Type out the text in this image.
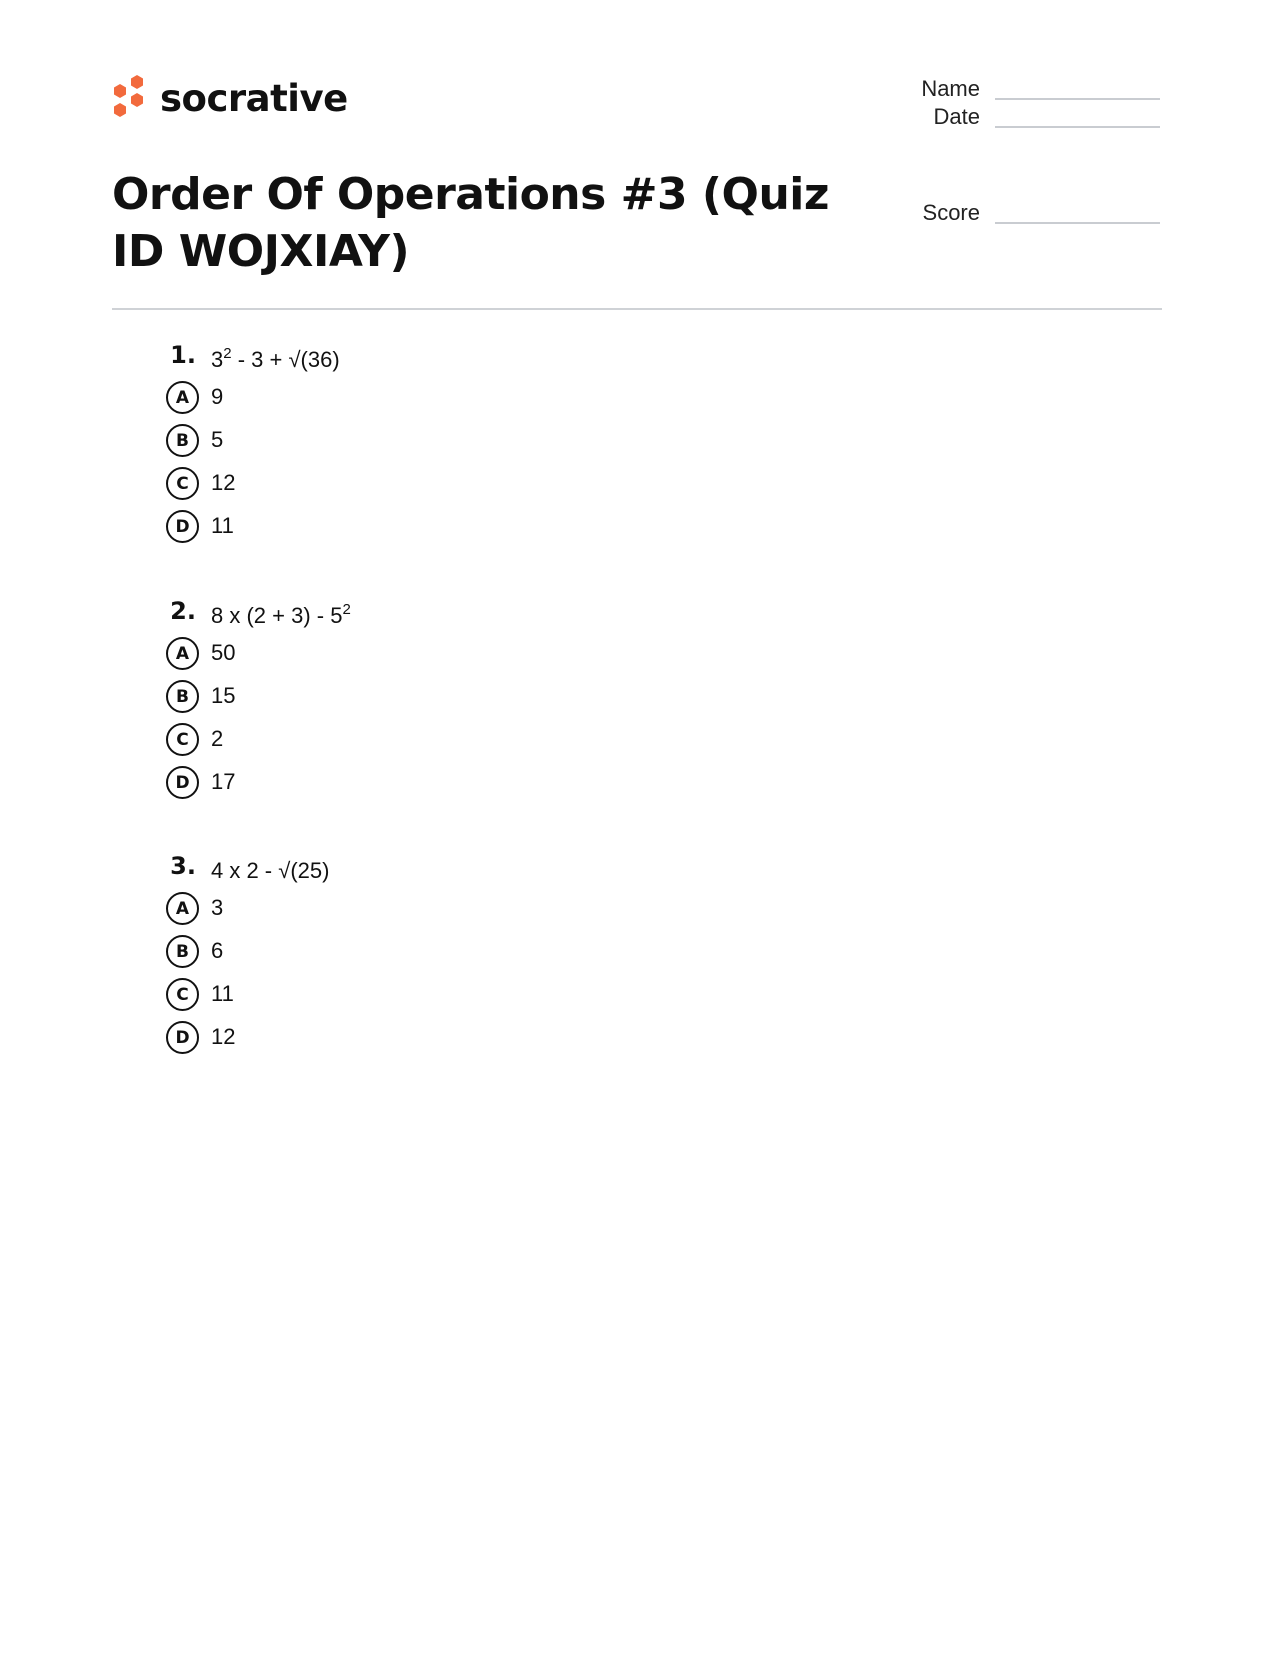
socrative	Name
Date
Score
Order Of Operations #3 (Quiz ID WOJXIAY)
1. $3^2 - 3 + √(36)$
A 9
B	5
C	12
D 11
2. 8 x $(2 + 3) - 5^2$
A 50
B	15
C	2
D 17
3. 4 x 2 - √(25)
A 3
B	6
C	11
D 12
